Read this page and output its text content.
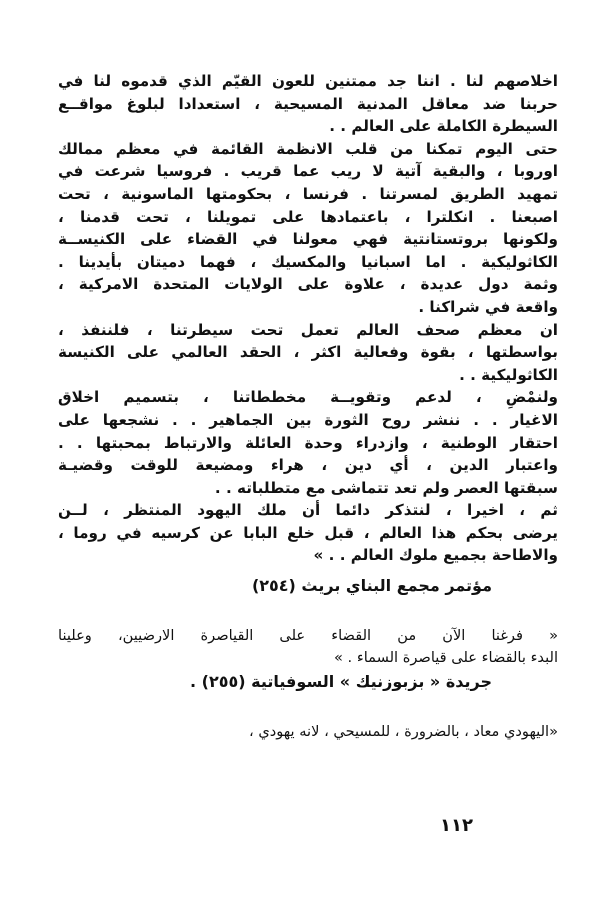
اخلاصهم لنا . اننا جد ممتنين للعون القيّم الذي قدموه لنا في
حربنا ضد معاقل المدنية المسيحية ، استعدادا لبلوغ مواقــع
السيطرة الكاملة على العالم . .
حتى اليوم تمكنا من قلب الانظمة القائمة في معظم ممالك
اوروبا ، والبقية آتية لا ريب عما قريب . فروسيا شرعت في
تمهيد الطريق لمسرتنا . فرنسا ، بحكومتها الماسونية ، تحت
اصبعنا . انكلترا ، باعتمادها على تمويلنا ، تحت قدمنا ،
ولكونها بروتستانتية فهي معولنا في القضاء على الكنيســة
الكاثوليكية . اما اسبانيا والمكسيك ، فهما دميتان بأيدينا .
وثمة دول عديدة ، علاوة على الولايات المتحدة الامركية ،
واقعة في شراكنا .
ان معظم صحف العالم تعمل تحت سيطرتنا ، فلننفذ ،
بواسطتها ، بقوة وفعالية اكثر ، الحقد العالمي على الكنيسة
الكاثوليكية . .
ولنمْضِ ، لدعم وتقويــة مخططاتنا ، بتسميم اخلاق
الاغيار . . ننشر روح الثورة بين الجماهير . . نشجعها على
احتقار الوطنية ، وازدراء وحدة العائلة والارتباط بمحبتها . .
واعتبار الدين ، أي دين ، هراء ومضيعة للوقت وقضيـة
سبقتها العصر ولم تعد تتماشى مع متطلباته . .
ثم ، اخيرا ، لنتذكر دائما أن ملك اليهود المنتظر ، لــن
يرضى بحكم هذا العالم ، قبل خلع البابا عن كرسيه في روما ،
والاطاحة بجميع ملوك العالم . . »
مؤتمر مجمع البناي بريث (٢٥٤)
« فرغنا الآن من القضاء على القياصرة الارضيين، وعلينا
البدء بالقضاء على قياصرة السماء . »
جريدة « بزبوزنيك » السوفياتية (٢٥٥) .
«اليهودي معاد ، بالضرورة ، للمسيحي ، لانه يهودي ،
١١٢
